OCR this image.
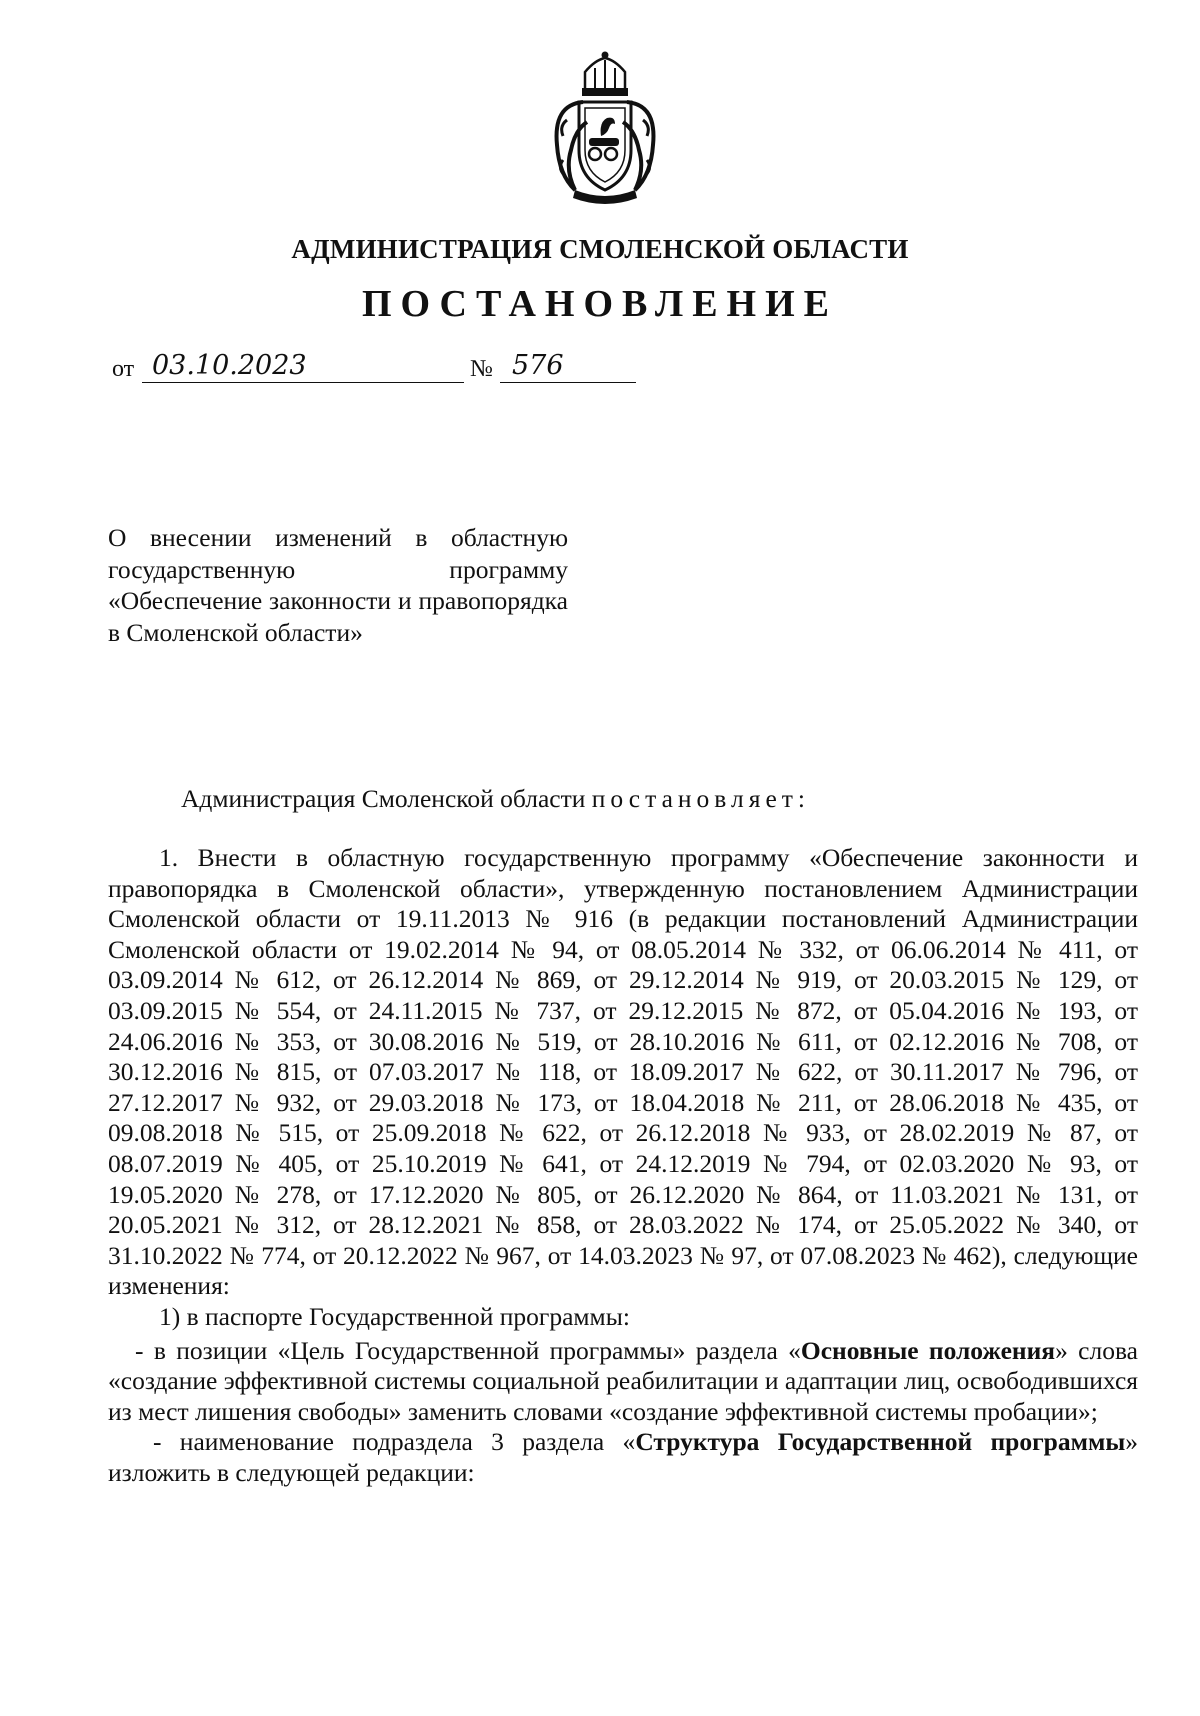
АДМИНИСТРАЦИЯ СМОЛЕНСКОЙ ОБЛАСТИ
ПОСТАНОВЛЕНИЕ
от 03.10.2023	№ 576
О внесении изменений в областную государственную программу «Обеспечение законности и правопорядка в Смоленской области»
Администрация Смоленской области постановляет:

1. Внести в областную государственную программу «Обеспечение законности и правопорядка в Смоленской области», утвержденную постановлением Администрации Смоленской области от 19.11.2013 № 916 (в редакции постановлений Администрации Смоленской области от 19.02.2014 № 94, от 08.05.2014 № 332, от 06.06.2014 № 411, от 03.09.2014 № 612, от 26.12.2014 № 869, от 29.12.2014 № 919, от 20.03.2015 № 129, от 03.09.2015 № 554, от 24.11.2015 № 737, от 29.12.2015 № 872, от 05.04.2016 № 193, от 24.06.2016 № 353, от 30.08.2016 № 519, от 28.10.2016 № 611, от 02.12.2016 № 708, от 30.12.2016 № 815, от 07.03.2017 № 118, от 18.09.2017 № 622, от 30.11.2017 № 796, от 27.12.2017 № 932, от 29.03.2018 № 173, от 18.04.2018 № 211, от 28.06.2018 № 435, от 09.08.2018 № 515, от 25.09.2018 № 622, от 26.12.2018 № 933, от 28.02.2019 № 87, от 08.07.2019 № 405, от 25.10.2019 № 641, от 24.12.2019 № 794, от 02.03.2020 № 93, от 19.05.2020 № 278, от 17.12.2020 № 805, от 26.12.2020 № 864, от 11.03.2021 № 131, от 20.05.2021 № 312, от 28.12.2021 № 858, от 28.03.2022 № 174, от 25.05.2022 № 340, от 31.10.2022 № 774, от 20.12.2022 № 967, от 14.03.2023 № 97, от 07.08.2023 № 462), следующие изменения:

1) в паспорте Государственной программы:

- в позиции «Цель Государственной программы» раздела «Основные положения» слова «создание эффективной системы социальной реабилитации и адаптации лиц, освободившихся из мест лишения свободы» заменить словами «создание эффективной системы пробации»;

- наименование подраздела 3 раздела «Структура Государственной программы» изложить в следующей редакции:
